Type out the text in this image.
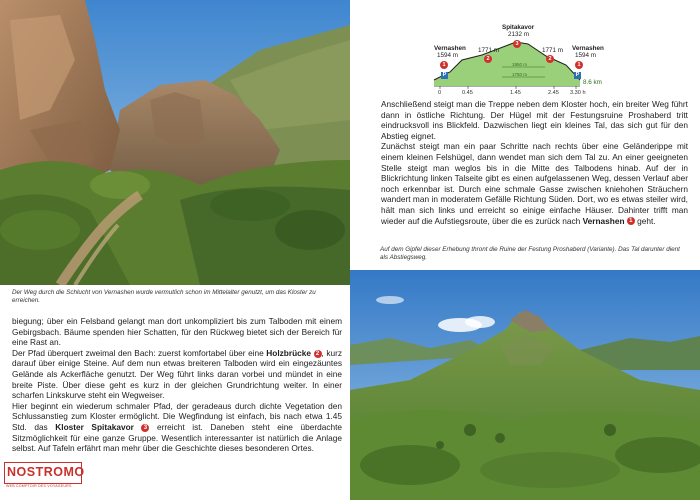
Der Weg durch die Schlucht von Vernashen wurde vermutlich schon im Mittelalter genutzt, um das Kloster zu erreichen.

biegung; über ein Felsband gelangt man dort unkompliziert bis zum Talboden mit einem Gebirgsbach. Bäume spenden hier Schatten, für den Rückweg bietet sich der Bereich für eine Rast an.

Der Pfad überquert zweimal den Bach: zuerst komfortabel über eine Holzbrücke 2 , kurz darauf über einige Steine. Auf dem nun etwas breiteren Talboden wird ein eingezäuntes Gelände als Ackerfläche genutzt. Der Weg führt links daran vorbei und mündet in eine breite Piste. Über diese geht es kurz in der gleichen Grundrichtung weiter. In einer scharfen Linkskurve steht ein Wegweiser.

Hier beginnt ein wiederum schmaler Pfad, der geradeaus durch dichte Vegetation den Schlussanstieg zum Kloster ermöglicht. Die Wegfindung ist einfach, bis nach etwa 1.45 Std. das Kloster Spitakavor 3 erreicht ist. Daneben steht eine überdachte Sitzmöglichkeit für eine ganze Gruppe. Wesentlich interessanter ist natürlich die Anlage selbst. Auf Tafeln erfährt man mehr über die Geschichte dieses besonderen Ortes.

NOSTROMO
WEB COMPTOIR DES VOYAGEURS
Spitakavor
2132 m
3
Vernashen
1594 m
1
P
1771 m
2
1771 m
2
Vernashen
1594 m
1
P
8.6 km
1950 m
1750 m
0	0.45	1.45	2.45 3.30 h

Anschließend steigt man die Treppe neben dem Kloster hoch, ein breiter Weg führt dann in östliche Richtung. Der Hügel mit der Festungsruine Proshaberd tritt eindrucksvoll ins Blickfeld. Dazwischen liegt ein kleines Tal, das sich gut für den Abstieg eignet.

Zunächst steigt man ein paar Schritte nach rechts über eine Geländerippe mit einem kleinen Felshügel, dann wendet man sich dem Tal zu. An einer geeigneten Stelle steigt man weglos bis in die Mitte des Talbodens hinab. Auf der in Blickrichtung linken Talseite gibt es einen aufgelassenen Weg, dessen Verlauf aber noch erkennbar ist. Durch eine schmale Gasse zwischen kniehohen Sträuchern wandert man in moderatem Gefälle Richtung Süden. Dort, wo es etwas steiler wird, hält man sich links und erreicht so einige einfache Häuser. Dahinter trifft man wieder auf die Aufstiegsroute, über die es zurück nach Vernashen 1 geht.

Auf dem Gipfel dieser Erhebung thront die Ruine der Festung Proshaberd (Variante). Das Tal darunter dient als Abstiegsweg.
